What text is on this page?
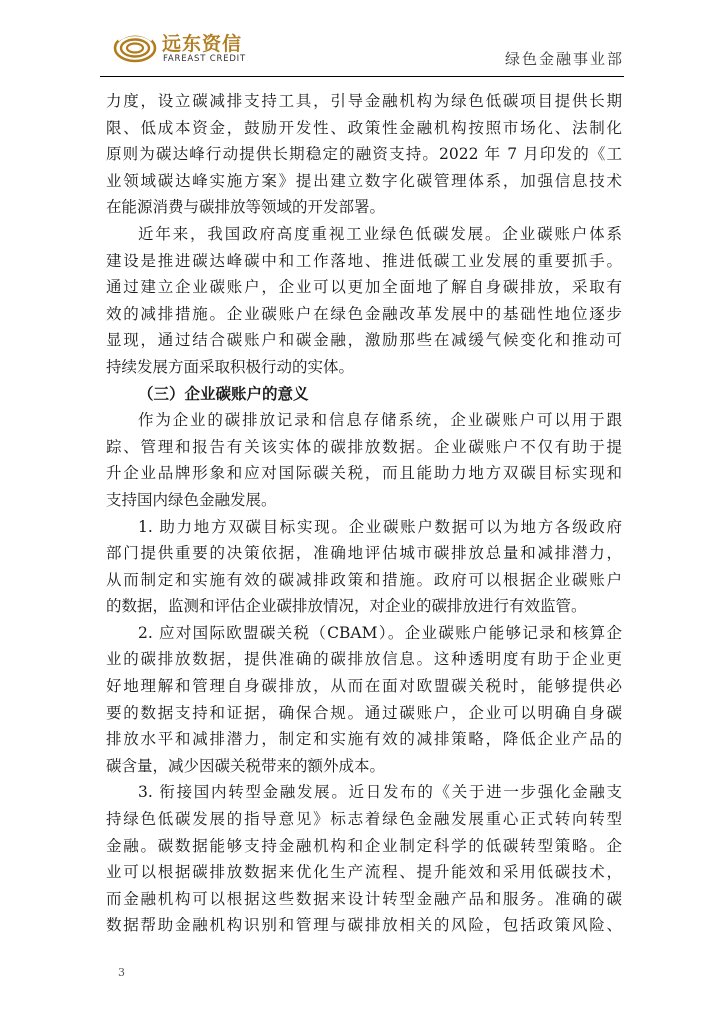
远东资信
FAREAST CREDIT	绿色金融事业部
力度，设立碳减排支持工具，引导金融机构为绿色低碳项目提供长期
限、低成本资金，鼓励开发性、政策性金融机构按照市场化、法制化
原则为碳达峰行动提供长期稳定的融资支持。2022 年 7 月印发的《工
业领域碳达峰实施方案》提出建立数字化碳管理体系，加强信息技术
在能源消费与碳排放等领域的开发部署。
近年来，我国政府高度重视工业绿色低碳发展。企业碳账户体系
建设是推进碳达峰碳中和工作落地、推进低碳工业发展的重要抓手。
通过建立企业碳账户，企业可以更加全面地了解自身碳排放，采取有
效的减排措施。企业碳账户在绿色金融改革发展中的基础性地位逐步
显现，通过结合碳账户和碳金融，激励那些在减缓气候变化和推动可
持续发展方面采取积极行动的实体。
（三）企业碳账户的意义
作为企业的碳排放记录和信息存储系统，企业碳账户可以用于跟
踪、管理和报告有关该实体的碳排放数据。企业碳账户不仅有助于提
升企业品牌形象和应对国际碳关税，而且能助力地方双碳目标实现和
支持国内绿色金融发展。
1. 助力地方双碳目标实现。企业碳账户数据可以为地方各级政府
部门提供重要的决策依据，准确地评估城市碳排放总量和减排潜力，
从而制定和实施有效的碳减排政策和措施。政府可以根据企业碳账户
的数据，监测和评估企业碳排放情况，对企业的碳排放进行有效监管。
2. 应对国际欧盟碳关税（CBAM）。企业碳账户能够记录和核算企
业的碳排放数据，提供准确的碳排放信息。这种透明度有助于企业更
好地理解和管理自身碳排放，从而在面对欧盟碳关税时，能够提供必
要的数据支持和证据，确保合规。通过碳账户，企业可以明确自身碳
排放水平和减排潜力，制定和实施有效的减排策略，降低企业产品的
碳含量，减少因碳关税带来的额外成本。
3. 衔接国内转型金融发展。近日发布的《关于进一步强化金融支
持绿色低碳发展的指导意见》标志着绿色金融发展重心正式转向转型
金融。碳数据能够支持金融机构和企业制定科学的低碳转型策略。企
业可以根据碳排放数据来优化生产流程、提升能效和采用低碳技术，
而金融机构可以根据这些数据来设计转型金融产品和服务。准确的碳
数据帮助金融机构识别和管理与碳排放相关的风险，包括政策风险、
3
